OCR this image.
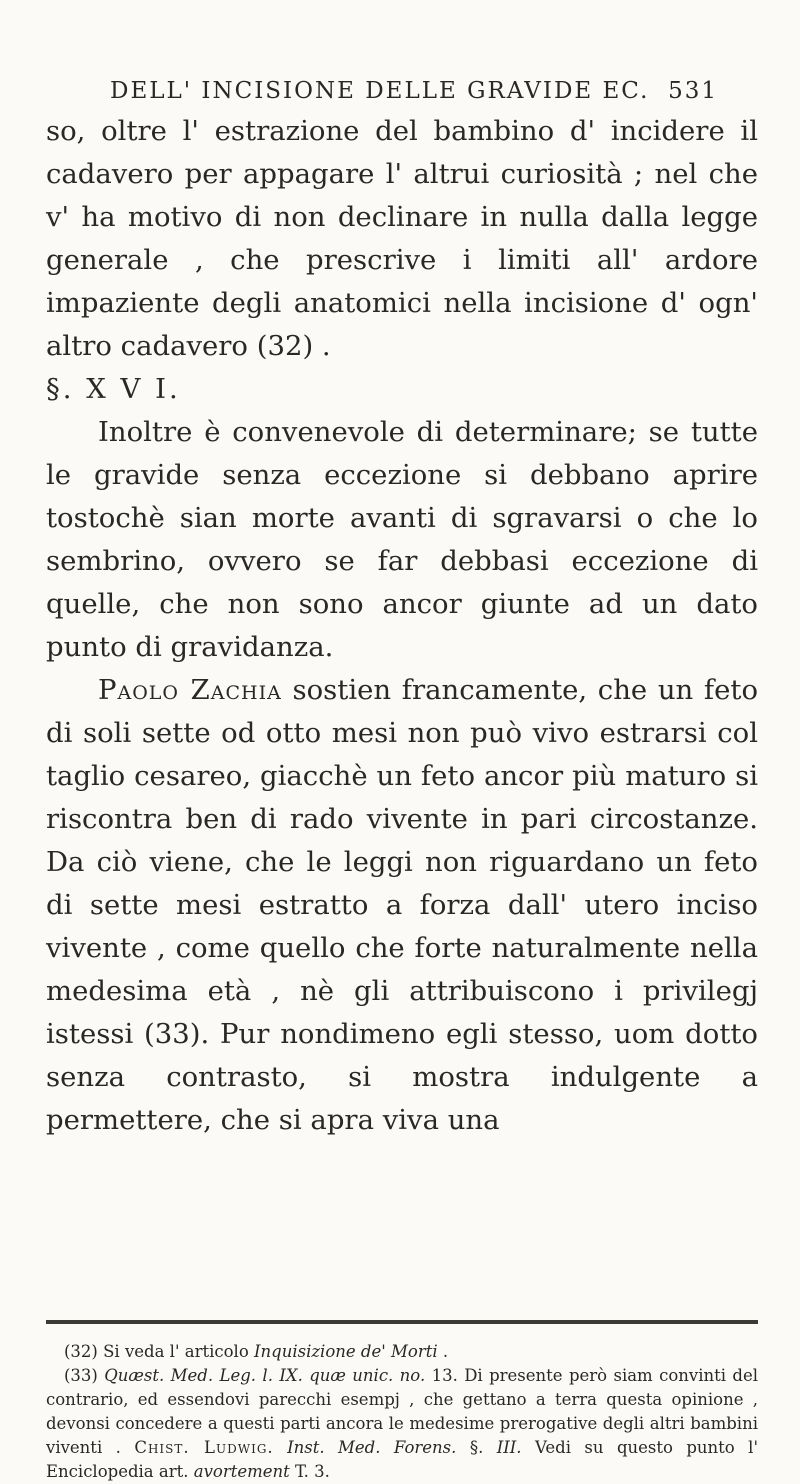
DELL' INCISIONE DELLE GRAVIDE EC. 531

so, oltre l' estrazione del bambino d' incidere il cadavero per appagare l' altrui curiosità ; nel che v' ha motivo di non declinare in nulla dalla legge generale , che prescrive i limiti all' ardore impaziente degli anatomici nella incisione d' ogn' altro cadavero (32) .

§. X V I.

Inoltre è convenevole di determinare; se tutte le gravide senza eccezione si debbano aprire tostochè sian morte avanti di sgravarsi o che lo sembrino, ovvero se far debbasi eccezione di quelle, che non sono ancor giunte ad un dato punto di gravidanza.

Paolo Zachia sostien francamente, che un feto di soli sette od otto mesi non può vivo estrarsi col taglio cesareo, giacchè un feto ancor più maturo si riscontra ben di rado vivente in pari circostanze. Da ciò viene, che le leggi non riguardano un feto di sette mesi estratto a forza dall' utero inciso vivente , come quello che forte naturalmente nella medesima età , nè gli attribuiscono i privilegj istessi (33). Pur nondimeno egli stesso, uom dotto senza contrasto, si mostra indulgente a permettere, che si apra viva una

(32) Si veda l' articolo Inquisizione de' Morti .

(33) Quæst. Med. Leg. l. IX. quæ unic. no. 13. Di presente però siam convinti del contrario, ed essendovi parecchi esempj , che gettano a terra questa opinione , devonsi concedere a questi parti ancora le medesime prerogative degli altri bambini viventi . Chist. Ludwig. Inst. Med. Forens. §. III. Vedi su questo punto l' Enciclopedia art. avortement T. 3.
